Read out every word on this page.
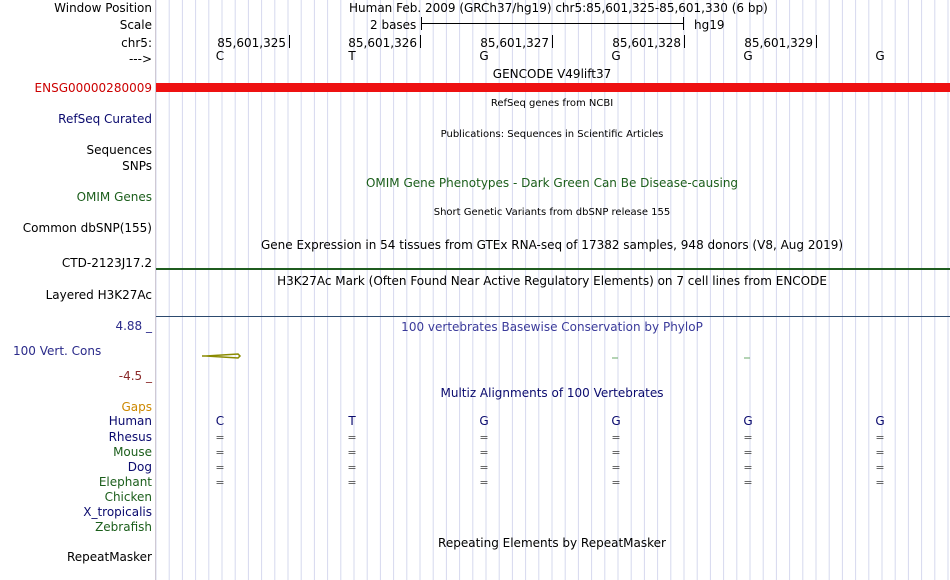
Window Position
Scale
chr5:
--->
Human Feb. 2009 (GRCh37/hg19) chr5:85,601,325-85,601,330 (6 bp)
2 bases	hg19
85,601,325	85,601,326	85,601,327	85,601,328	85,601,329
C	T	G	G	G	G
GENCODE V49lift37
ENSG00000280009
RefSeq genes from NCBI
RefSeq Curated
Publications: Sequences in Scientific Articles
Sequences
SNPs
OMIM Gene Phenotypes - Dark Green Can Be Disease-causing
OMIM Genes
Short Genetic Variants from dbSNP release 155
Common dbSNP(155)
Gene Expression in 54 tissues from GTEx RNA-seq of 17382 samples, 948 donors (V8, Aug 2019)
CTD-2123J17.2
H3K27Ac Mark (Often Found Near Active Regulatory Elements) on 7 cell lines from ENCODE
Layered H3K27Ac
100 vertebrates Basewise Conservation by PhyloP
4.88 _
100 Vert. Cons
-4.5 _
Multiz Alignments of 100 Vertebrates
Gaps
Human	C	T	G	G	G	G
Rhesus	=	=	=	=	=	=
Mouse	=	=	=	=	=	=
Dog	=	=	=	=	=	=
Elephant	=	=	=	=	=	=
Chicken
X_tropicalis
Zebrafish
Repeating Elements by RepeatMasker
RepeatMasker
